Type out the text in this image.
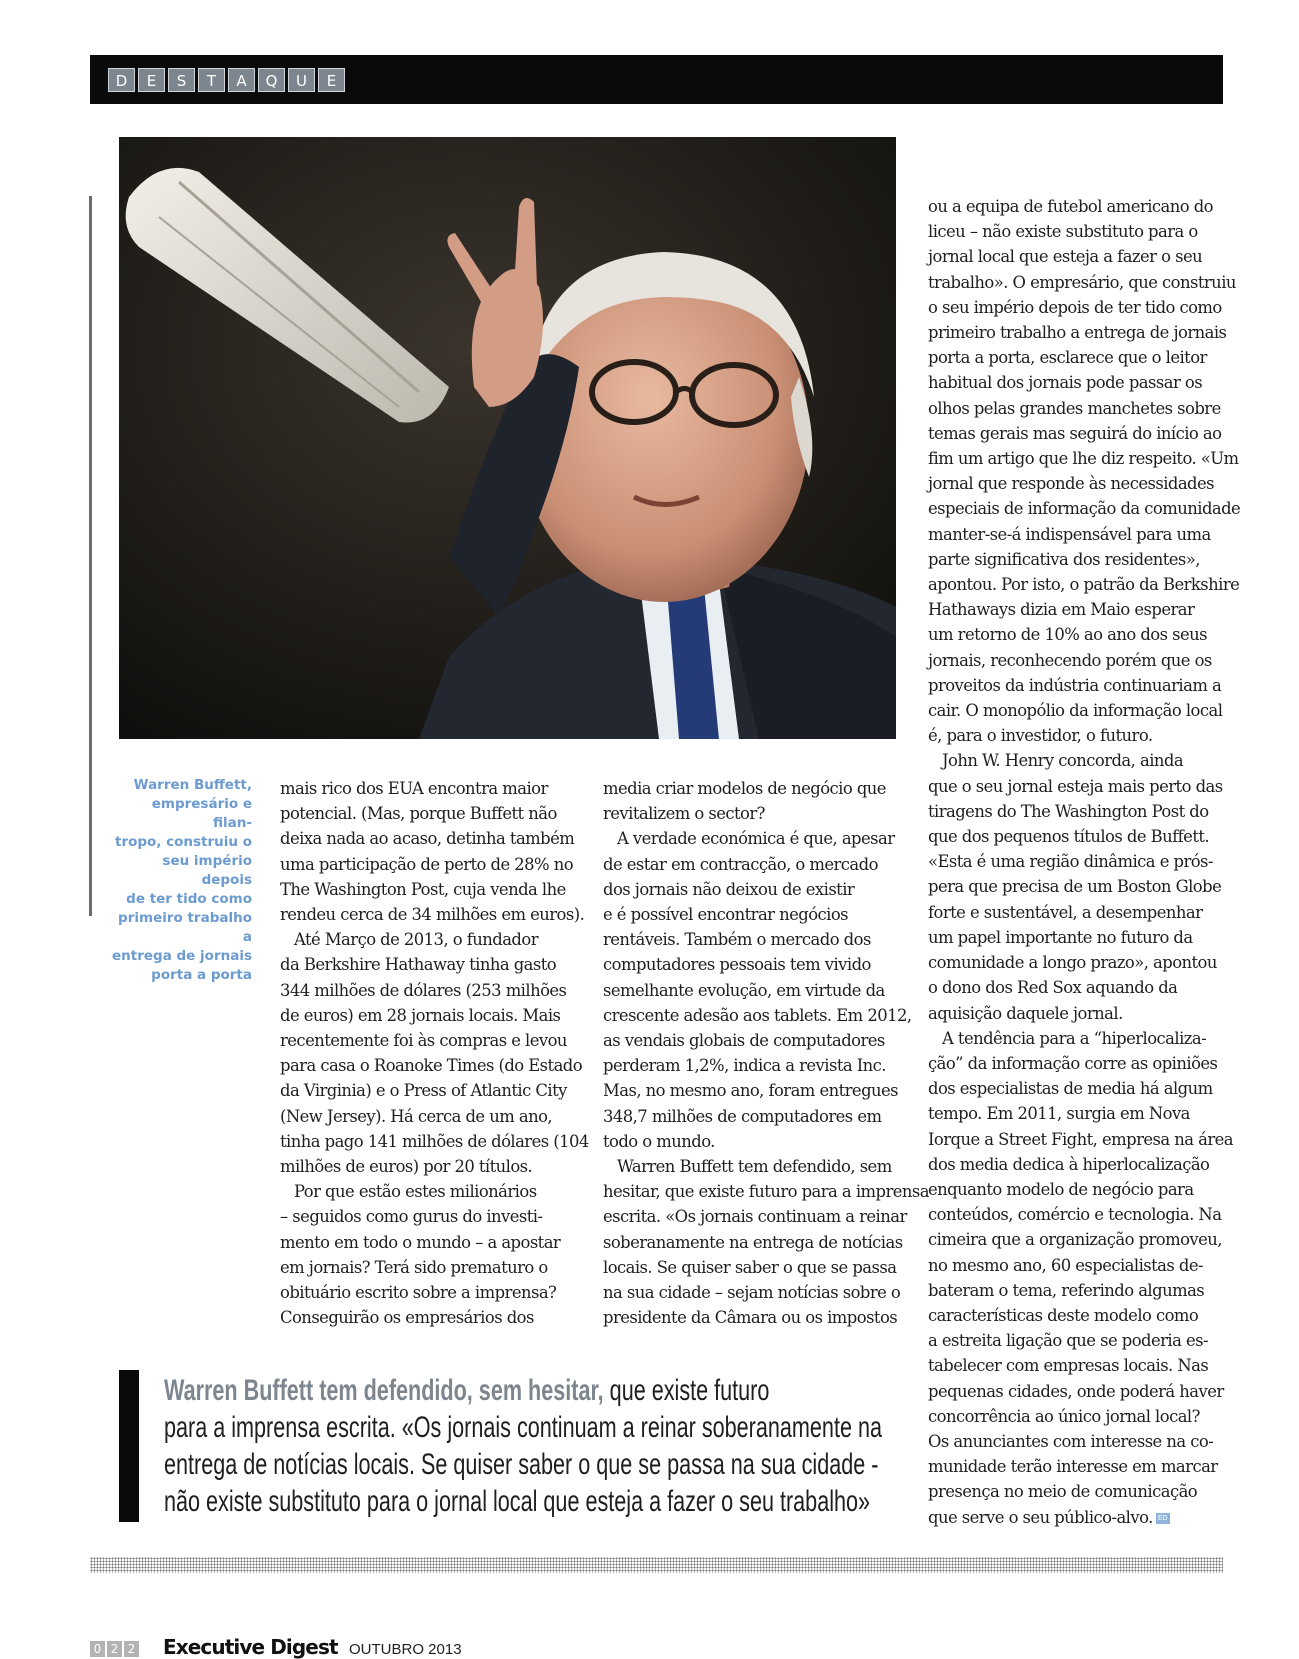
D	E	S	T	A	Q	U	E
Warren Buffett,
empresário e filan-
tropo, construiu o
seu império depois
de ter tido como
primeiro trabalho a
entrega de jornais
porta a porta
mais rico dos EUA encontra maior
potencial. (Mas, porque Buffett não
deixa nada ao acaso, detinha também
uma participação de perto de 28% no
The Washington Post, cuja venda lhe
rendeu cerca de 34 milhões em euros).
Até Março de 2013, o fundador
da Berkshire Hathaway tinha gasto
344 milhões de dólares (253 milhões
de euros) em 28 jornais locais. Mais
recentemente foi às compras e levou
para casa o Roanoke Times (do Estado
da Virginia) e o Press of Atlantic City
(New Jersey). Há cerca de um ano,
tinha pago 141 milhões de dólares (104
milhões de euros) por 20 títulos.
Por que estão estes milionários
– seguidos como gurus do investi-
mento em todo o mundo – a apostar
em jornais? Terá sido prematuro o
obituário escrito sobre a imprensa?
Conseguirão os empresários dos
media criar modelos de negócio que
revitalizem o sector?
A verdade económica é que, apesar
de estar em contracção, o mercado
dos jornais não deixou de existir
e é possível encontrar negócios
rentáveis. Também o mercado dos
computadores pessoais tem vivido
semelhante evolução, em virtude da
crescente adesão aos tablets. Em 2012,
as vendais globais de computadores
perderam 1,2%, indica a revista Inc.
Mas, no mesmo ano, foram entregues
348,7 milhões de computadores em
todo o mundo.
Warren Buffett tem defendido, sem
hesitar, que existe futuro para a imprensa
escrita. «Os jornais continuam a reinar
soberanamente na entrega de notícias
locais. Se quiser saber o que se passa
na sua cidade – sejam notícias sobre o
presidente da Câmara ou os impostos
ou a equipa de futebol americano do
liceu – não existe substituto para o
jornal local que esteja a fazer o seu
trabalho». O empresário, que construiu
o seu império depois de ter tido como
primeiro trabalho a entrega de jornais
porta a porta, esclarece que o leitor
habitual dos jornais pode passar os
olhos pelas grandes manchetes sobre
temas gerais mas seguirá do início ao
fim um artigo que lhe diz respeito. «Um
jornal que responde às necessidades
especiais de informação da comunidade
manter-se-á indispensável para uma
parte significativa dos residentes»,
apontou. Por isto, o patrão da Berkshire
Hathaways dizia em Maio esperar
um retorno de 10% ao ano dos seus
jornais, reconhecendo porém que os
proveitos da indústria continuariam a
cair. O monopólio da informação local
é, para o investidor, o futuro.
John W. Henry concorda, ainda
que o seu jornal esteja mais perto das
tiragens do The Washington Post do
que dos pequenos títulos de Buffett.
«Esta é uma região dinâmica e prós-
pera que precisa de um Boston Globe
forte e sustentável, a desempenhar
um papel importante no futuro da
comunidade a longo prazo», apontou
o dono dos Red Sox aquando da
aquisição daquele jornal.
A tendência para a “hiperlocaliza-
ção” da informação corre as opiniões
dos especialistas de media há algum
tempo. Em 2011, surgia em Nova
Iorque a Street Fight, empresa na área
dos media dedica à hiperlocalização
enquanto modelo de negócio para
conteúdos, comércio e tecnologia. Na
cimeira que a organização promoveu,
no mesmo ano, 60 especialistas de-
bateram o tema, referindo algumas
características deste modelo como
a estreita ligação que se poderia es-
tabelecer com empresas locais. Nas
pequenas cidades, onde poderá haver
concorrência ao único jornal local?
Os anunciantes com interesse na co-
munidade terão interesse em marcar
presença no meio de comunicação
que serve o seu público-alvo. ED
Warren Buffett tem defendido, sem hesitar, que existe futuro
para a imprensa escrita. «Os jornais continuam a reinar soberanamente na
entrega de notícias locais. Se quiser saber o que se passa na sua cidade -
não existe substituto para o jornal local que esteja a fazer o seu trabalho»
0 2 2 Executive Digest OUTUBRO 2013
